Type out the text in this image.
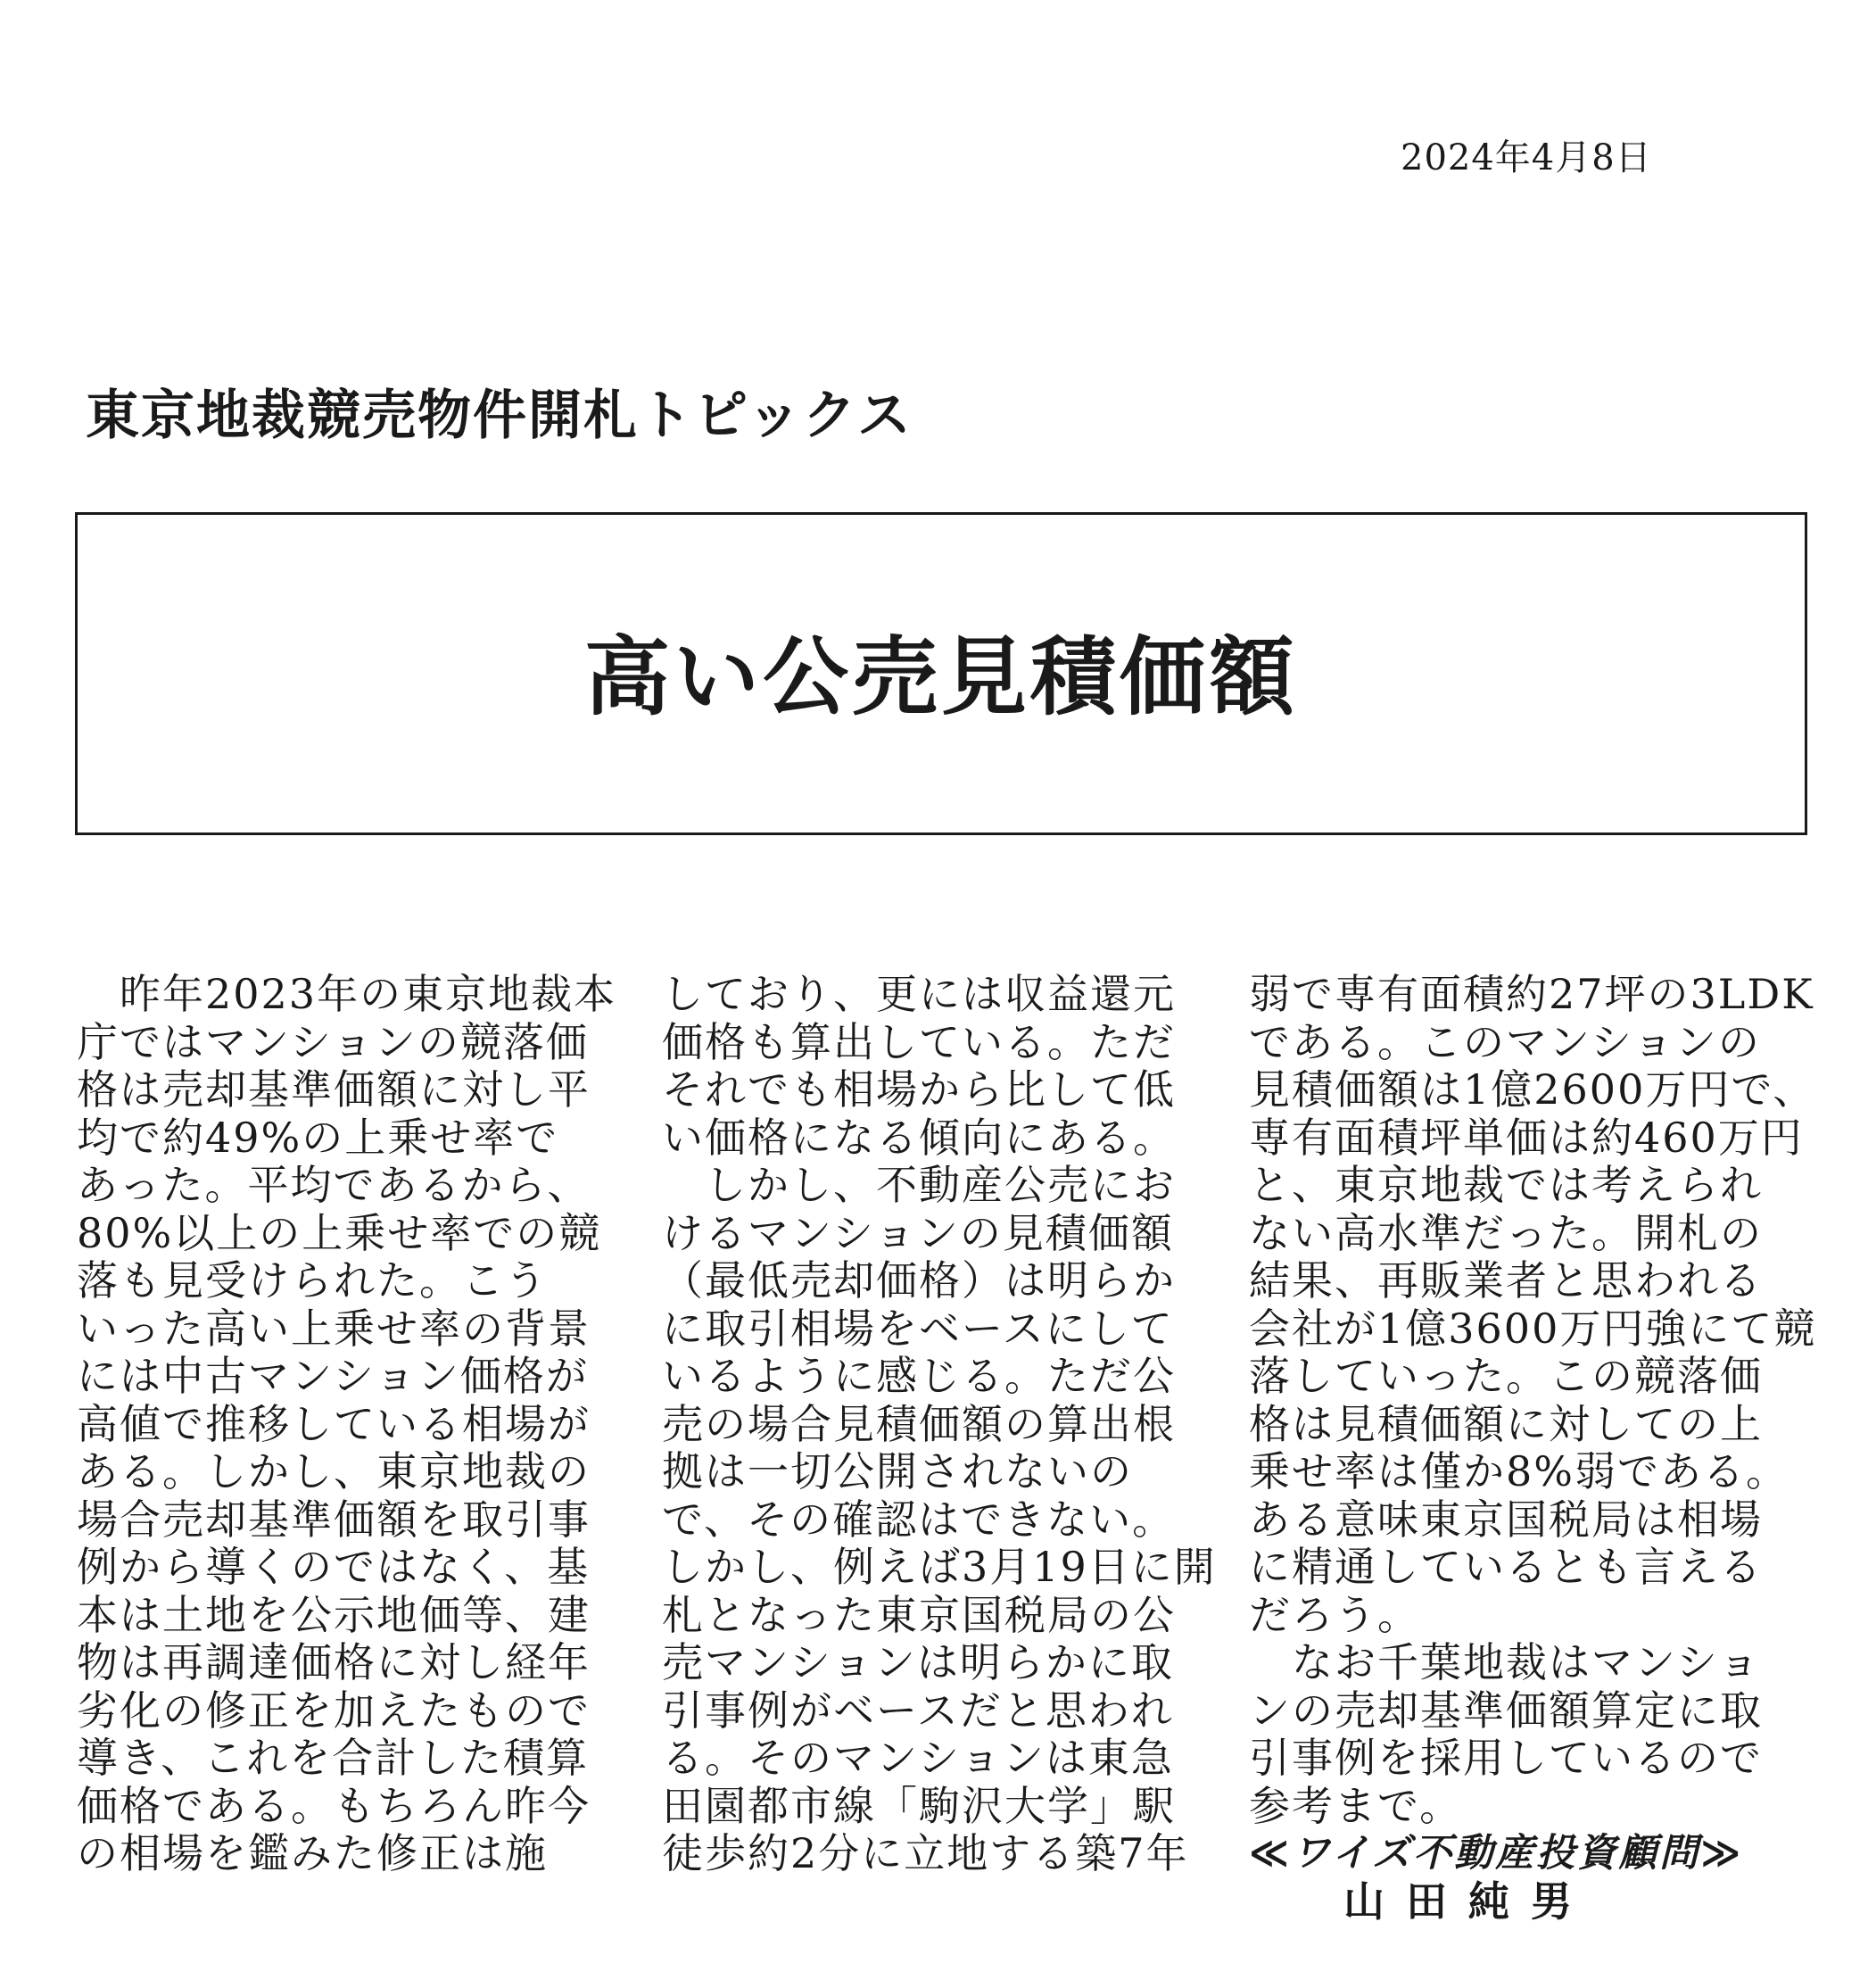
2024年4月8日
東京地裁競売物件開札トピックス
高い公売見積価額
　昨年2023年の東京地裁本
庁ではマンションの競落価
格は売却基準価額に対し平
均で約49%の上乗せ率で
あった。平均であるから、
80%以上の上乗せ率での競
落も見受けられた。こう
いった高い上乗せ率の背景
には中古マンション価格が
高値で推移している相場が
ある。しかし、東京地裁の
場合売却基準価額を取引事
例から導くのではなく、基
本は土地を公示地価等、建
物は再調達価格に対し経年
劣化の修正を加えたもので
導き、これを合計した積算
価格である。もちろん昨今
の相場を鑑みた修正は施
しており、更には収益還元
価格も算出している。ただ
それでも相場から比して低
い価格になる傾向にある。
　しかし、不動産公売にお
けるマンションの見積価額
（最低売却価格）は明らか
に取引相場をベースにして
いるように感じる。ただ公
売の場合見積価額の算出根
拠は一切公開されないの
で、その確認はできない。
しかし、例えば3月19日に開
札となった東京国税局の公
売マンションは明らかに取
引事例がベースだと思われ
る。そのマンションは東急
田園都市線「駒沢大学」駅
徒歩約2分に立地する築7年
弱で専有面積約27坪の3LDK
である。このマンションの
見積価額は1億2600万円で、
専有面積坪単価は約460万円
と、東京地裁では考えられ
ない高水準だった。開札の
結果、再販業者と思われる
会社が1億3600万円強にて競
落していった。この競落価
格は見積価額に対しての上
乗せ率は僅か8%弱である。
ある意味東京国税局は相場
に精通しているとも言える
だろう。
　なお千葉地裁はマンショ
ンの売却基準価額算定に取
引事例を採用しているので
参考まで。
≪ワイズ不動産投資顧問≫
山田純男
